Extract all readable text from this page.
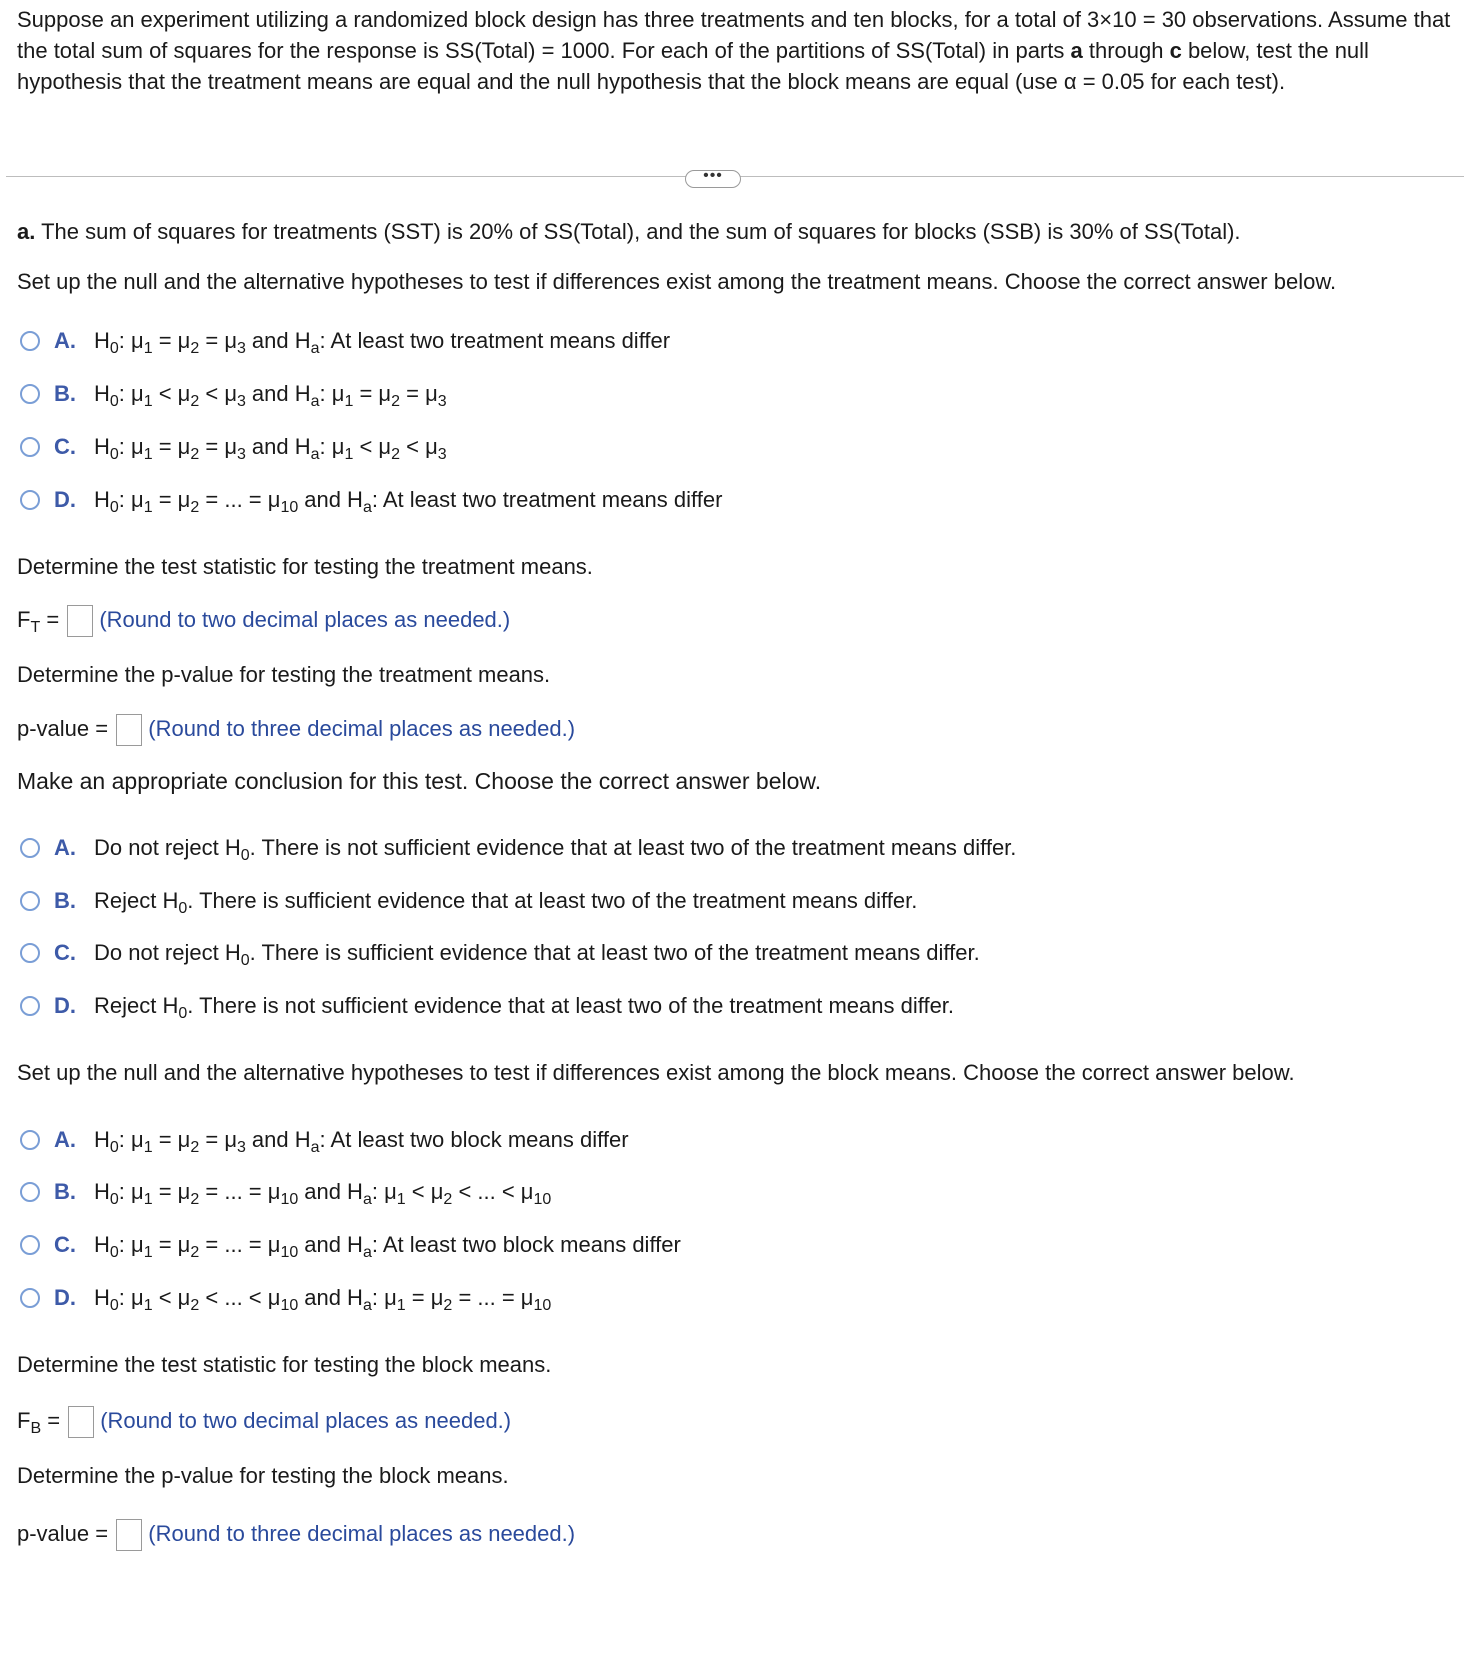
Suppose an experiment utilizing a randomized block design has three treatments and ten blocks, for a total of 3×10 = 30 observations. Assume that the total sum of squares for the response is SS(Total) = 1000. For each of the partitions of SS(Total) in parts a through c below, test the null hypothesis that the treatment means are equal and the null hypothesis that the block means are equal (use α = 0.05 for each test).
•••
a. The sum of squares for treatments (SST) is 20% of SS(Total), and the sum of squares for blocks (SSB) is 30% of SS(Total).
Set up the null and the alternative hypotheses to test if differences exist among the treatment means. Choose the correct answer below.
A. $H_0$: $\mu_1 = \mu_2 = \mu_3$ and $H_a$: At least two treatment means differ
B. $H_0$: $\mu_1 < \mu_2 < \mu_3$ and $H_a$: $\mu_1 = \mu_2 = \mu_3$
C. $H_0$: $\mu_1 = \mu_2 = \mu_3$ and $H_a$: $\mu_1 < \mu_2 < \mu_3$
D. $H_0$: $\mu_1 = \mu_2$ = ... = $\mu_{10}$ and $H_a$: At least two treatment means differ
Determine the test statistic for testing the treatment means.
$F_T$ = (Round to two decimal places as needed.)
Determine the p-value for testing the treatment means.
p-value = (Round to three decimal places as needed.)
Make an appropriate conclusion for this test. Choose the correct answer below.
A. Do not reject $H_0$. There is not sufficient evidence that at least two of the treatment means differ.
B. Reject $H_0$. There is sufficient evidence that at least two of the treatment means differ.
C. Do not reject $H_0$. There is sufficient evidence that at least two of the treatment means differ.
D. Reject $H_0$. There is not sufficient evidence that at least two of the treatment means differ.
Set up the null and the alternative hypotheses to test if differences exist among the block means. Choose the correct answer below.
A. $H_0$: $\mu_1 = \mu_2 = \mu_3$ and $H_a$: At least two block means differ
B. $H_0$: $\mu_1 = \mu_2$ = ... = $\mu_{10}$ and $H_a$: $\mu_1 < \mu_2$ < ... < $\mu_{10}$
C. $H_0$: $\mu_1 = \mu_2$ = ... = $\mu_{10}$ and $H_a$: At least two block means differ
D. $H_0$: $\mu_1 < \mu_2$ < ... < $\mu_{10}$ and $H_a$: $\mu_1 = \mu_2$ = ... = $\mu_{10}$
Determine the test statistic for testing the block means.
$F_B$ = (Round to two decimal places as needed.)
Determine the p-value for testing the block means.
p-value = (Round to three decimal places as needed.)
